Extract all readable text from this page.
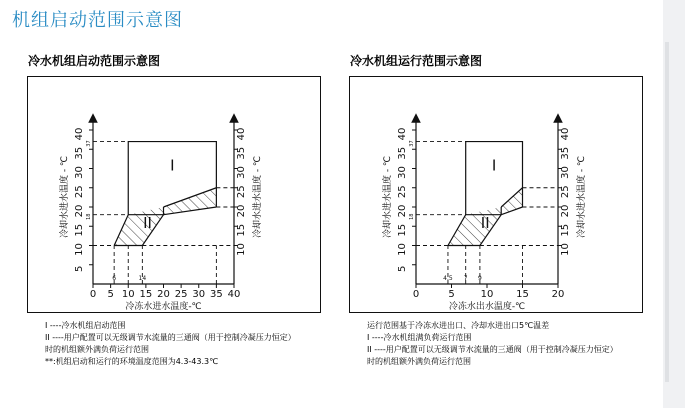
机组启动范围示意图
冷水机组启动范围示意图	冷水机组运行范围示意图
冷却水进水温度 - ℃	冷却水进水温度 - ℃
冷冻水进水温度-℃
5
10
15
20
25
30
35
40
37
18
10
15
20
25
30
35
40
0 5 10 15 20 25 30 35 40
6	14
I
II	冷却水进水温度 - ℃	冷却水进水温度 - ℃
冷冻水出水温度-℃
5
10
15
20
25
30
35
40
37
18
10
15
20
25
30
35
40
0	5	10 15 20
4.5 7 9
I
II
I ----冷水机组启动范围
II ----用户配置可以无级调节水流量的三通阀（用于控制冷凝压力恒定）
时的机组额外满负荷运行范围
**:机组启动和运行的环境温度范围为4.3-43.3℃
运行范围基于冷冻水进出口、冷却水进出口5℃温差
I ----冷水机组满负荷运行范围
II ----用户配置可以无级调节水流量的三通阀（用于控制冷凝压力恒定）
时的机组额外满负荷运行范围
